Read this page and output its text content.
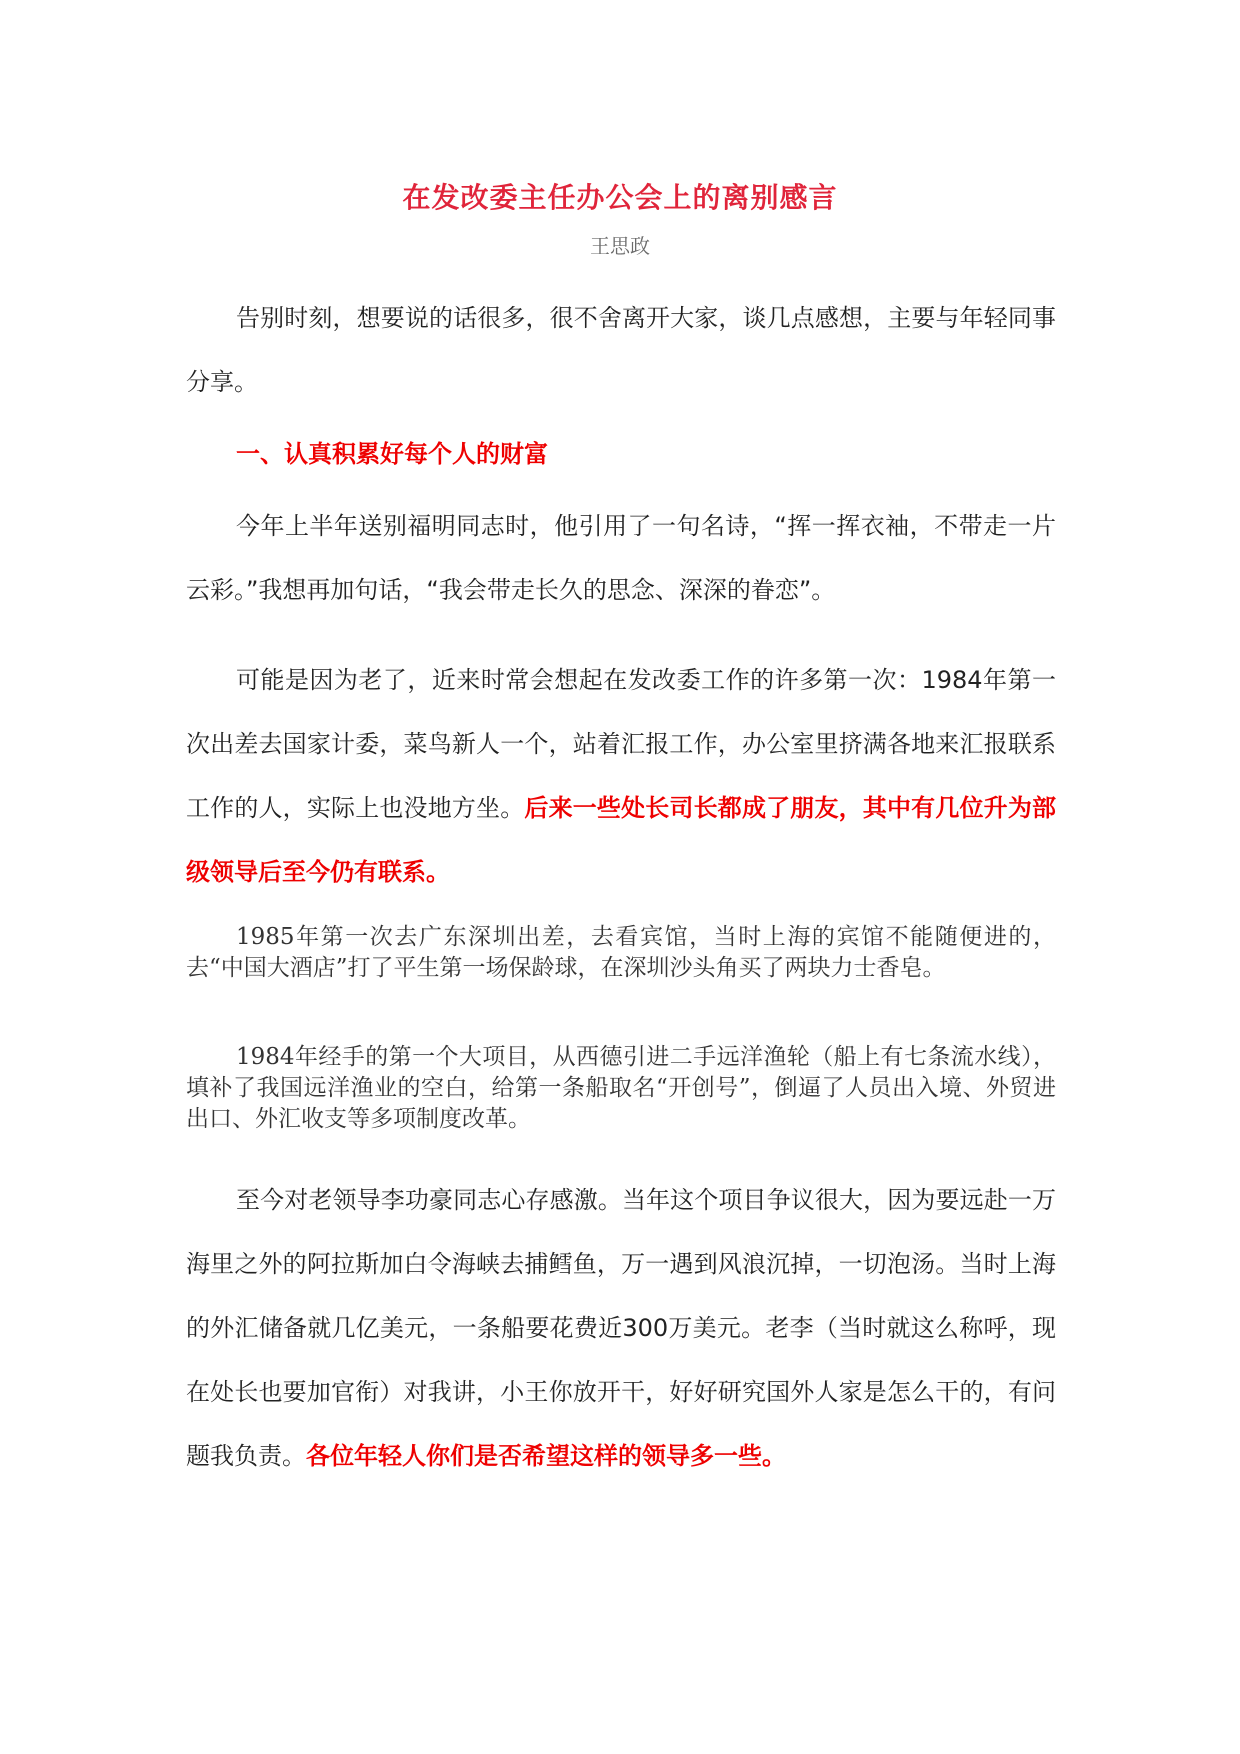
在发改委主任办公会上的离别感言
王思政

告别时刻，想要说的话很多，很不舍离开大家，谈几点感想，主要与年轻同事分享。

一、认真积累好每个人的财富

今年上半年送别福明同志时，他引用了一句名诗，“挥一挥衣袖，不带走一片云彩。”我想再加句话，“我会带走长久的思念、深深的眷恋”。

可能是因为老了，近来时常会想起在发改委工作的许多第一次：1984年第一次出差去国家计委，菜鸟新人一个，站着汇报工作，办公室里挤满各地来汇报联系工作的人，实际上也没地方坐。后来一些处长司长都成了朋友，其中有几位升为部级领导后至今仍有联系。

1985年第一次去广东深圳出差，去看宾馆，当时上海的宾馆不能随便进的，去“中国大酒店”打了平生第一场保龄球，在深圳沙头角买了两块力士香皂。

1984年经手的第一个大项目，从西德引进二手远洋渔轮（船上有七条流水线），填补了我国远洋渔业的空白，给第一条船取名“开创号”，倒逼了人员出入境、外贸进出口、外汇收支等多项制度改革。

至今对老领导李功豪同志心存感激。当年这个项目争议很大，因为要远赴一万海里之外的阿拉斯加白令海峡去捕鳕鱼，万一遇到风浪沉掉，一切泡汤。当时上海的外汇储备就几亿美元，一条船要花费近300万美元。老李（当时就这么称呼，现在处长也要加官衔）对我讲，小王你放开干，好好研究国外人家是怎么干的，有问题我负责。各位年轻人你们是否希望这样的领导多一些。
